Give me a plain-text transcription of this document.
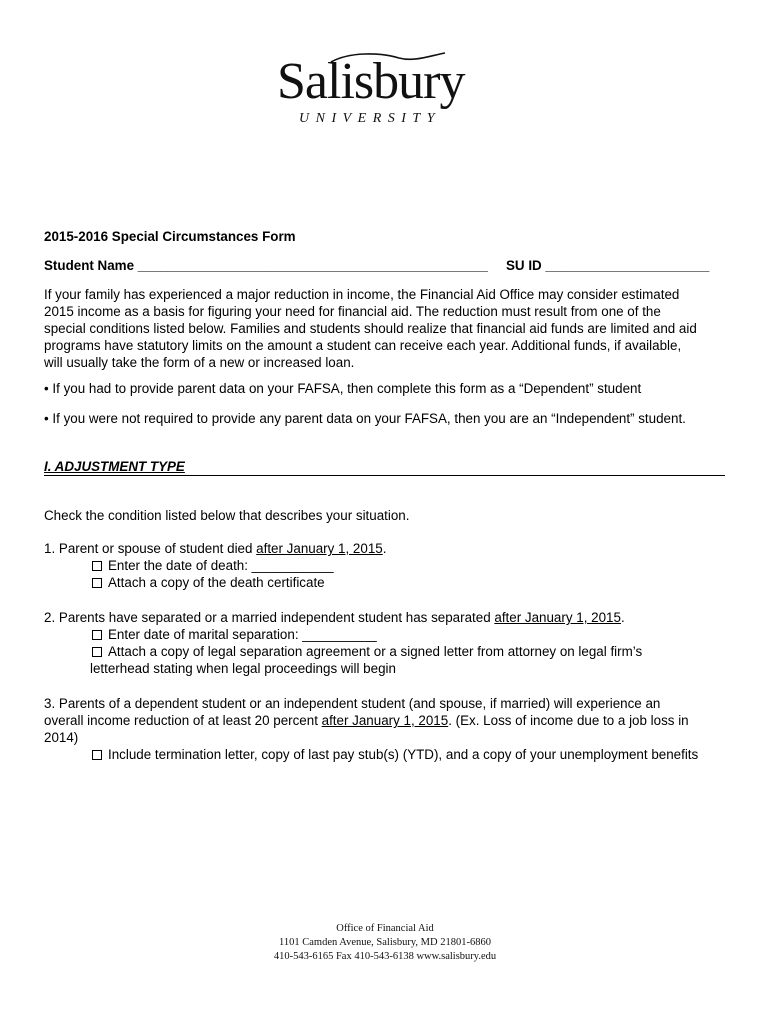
Salisbury
UNIVERSITY
2015-2016 Special Circumstances Form
Student Name _______________________________________________ SU ID ______________________
If your family has experienced a major reduction in income, the Financial Aid Office may consider estimated
2015 income as a basis for figuring your need for financial aid. The reduction must result from one of the
special conditions listed below. Families and students should realize that financial aid funds are limited and aid
programs have statutory limits on the amount a student can receive each year. Additional funds, if available,
will usually take the form of a new or increased loan.
• If you had to provide parent data on your FAFSA, then complete this form as a “Dependent” student
• If you were not required to provide any parent data on your FAFSA, then you are an “Independent” student.
I. ADJUSTMENT TYPE
Check the condition listed below that describes your situation.
1. Parent or spouse of student died after January 1, 2015.
Enter the date of death: ___________
Attach a copy of the death certificate
2. Parents have separated or a married independent student has separated after January 1, 2015.
Enter date of marital separation: __________
Attach a copy of legal separation agreement or a signed letter from attorney on legal firm’s
letterhead stating when legal proceedings will begin
3. Parents of a dependent student or an independent student (and spouse, if married) will experience an
overall income reduction of at least 20 percent after January 1, 2015. (Ex. Loss of income due to a job loss in
2014)
Include termination letter, copy of last pay stub(s) (YTD), and a copy of your unemployment benefits
Office of Financial Aid
1101 Camden Avenue, Salisbury, MD 21801-6860
410-543-6165 Fax 410-543-6138 www.salisbury.edu
